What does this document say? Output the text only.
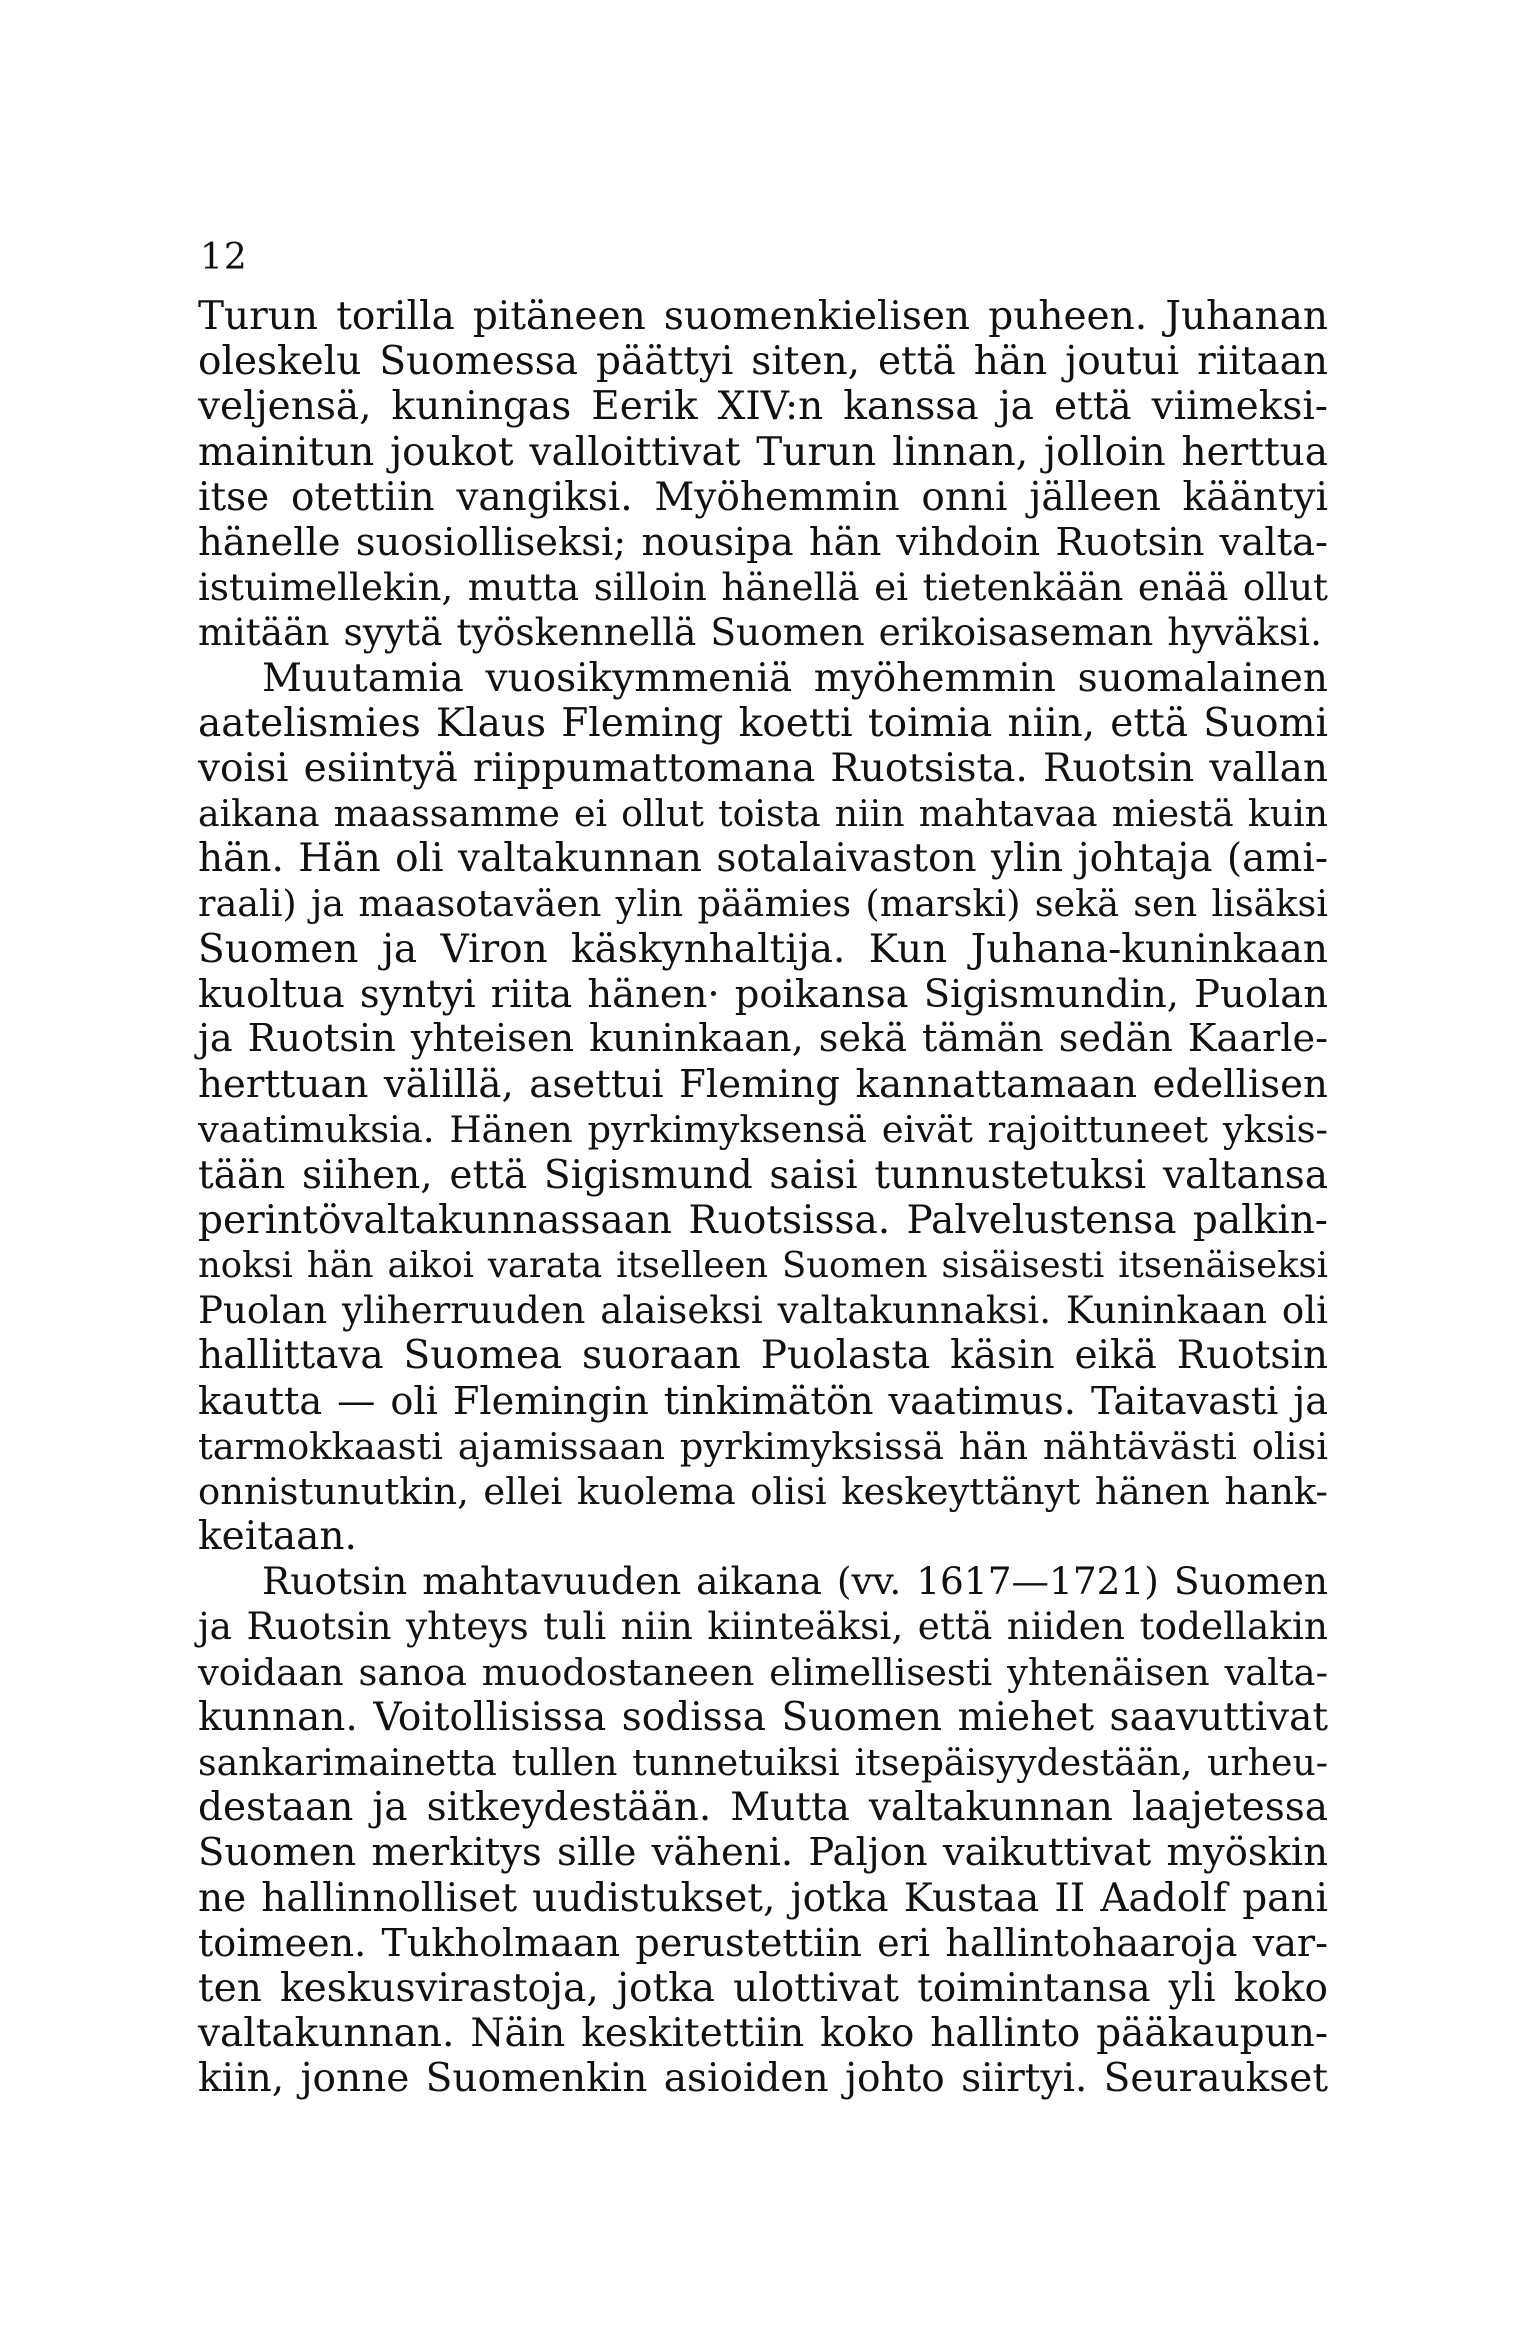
12
Turun torilla pitäneen suomenkielisen puheen. Juhanan
oleskelu Suomessa päättyi siten, että hän joutui riitaan
veljensä, kuningas Eerik XIV:n kanssa ja että viimeksi-
mainitun joukot valloittivat Turun linnan, jolloin herttua
itse otettiin vangiksi. Myöhemmin onni jälleen kääntyi
hänelle suosiolliseksi; nousipa hän vihdoin Ruotsin valta-
istuimellekin, mutta silloin hänellä ei tietenkään enää ollut
mitään syytä työskennellä Suomen erikoisaseman hyväksi.
Muutamia vuosikymmeniä myöhemmin suomalainen
aatelismies Klaus Fleming koetti toimia niin, että Suomi
voisi esiintyä riippumattomana Ruotsista. Ruotsin vallan
aikana maassamme ei ollut toista niin mahtavaa miestä kuin
hän. Hän oli valtakunnan sotalaivaston ylin johtaja (ami-
raali) ja maasotaväen ylin päämies (marski) sekä sen lisäksi
Suomen ja Viron käskynhaltija. Kun Juhana-kuninkaan
kuoltua syntyi riita hänen· poikansa Sigismundin, Puolan
ja Ruotsin yhteisen kuninkaan, sekä tämän sedän Kaarle-
herttuan välillä, asettui Fleming kannattamaan edellisen
vaatimuksia. Hänen pyrkimyksensä eivät rajoittuneet yksis-
tään siihen, että Sigismund saisi tunnustetuksi valtansa
perintövaltakunnassaan Ruotsissa. Palvelustensa palkin-
noksi hän aikoi varata itselleen Suomen sisäisesti itsenäiseksi
Puolan yliherruuden alaiseksi valtakunnaksi. Kuninkaan oli
hallittava Suomea suoraan Puolasta käsin eikä Ruotsin
kautta — oli Flemingin tinkimätön vaatimus. Taitavasti ja
tarmokkaasti ajamissaan pyrkimyksissä hän nähtävästi olisi
onnistunutkin, ellei kuolema olisi keskeyttänyt hänen hank-
keitaan.
Ruotsin mahtavuuden aikana (vv. 1617—1721) Suomen
ja Ruotsin yhteys tuli niin kiinteäksi, että niiden todellakin
voidaan sanoa muodostaneen elimellisesti yhtenäisen valta-
kunnan. Voitollisissa sodissa Suomen miehet saavuttivat
sankarimainetta tullen tunnetuiksi itsepäisyydestään, urheu-
destaan ja sitkeydestään. Mutta valtakunnan laajetessa
Suomen merkitys sille väheni. Paljon vaikuttivat myöskin
ne hallinnolliset uudistukset, jotka Kustaa II Aadolf pani
toimeen. Tukholmaan perustettiin eri hallintohaaroja var-
ten keskusvirastoja, jotka ulottivat toimintansa yli koko
valtakunnan. Näin keskitettiin koko hallinto pääkaupun-
kiin, jonne Suomenkin asioiden johto siirtyi. Seuraukset
